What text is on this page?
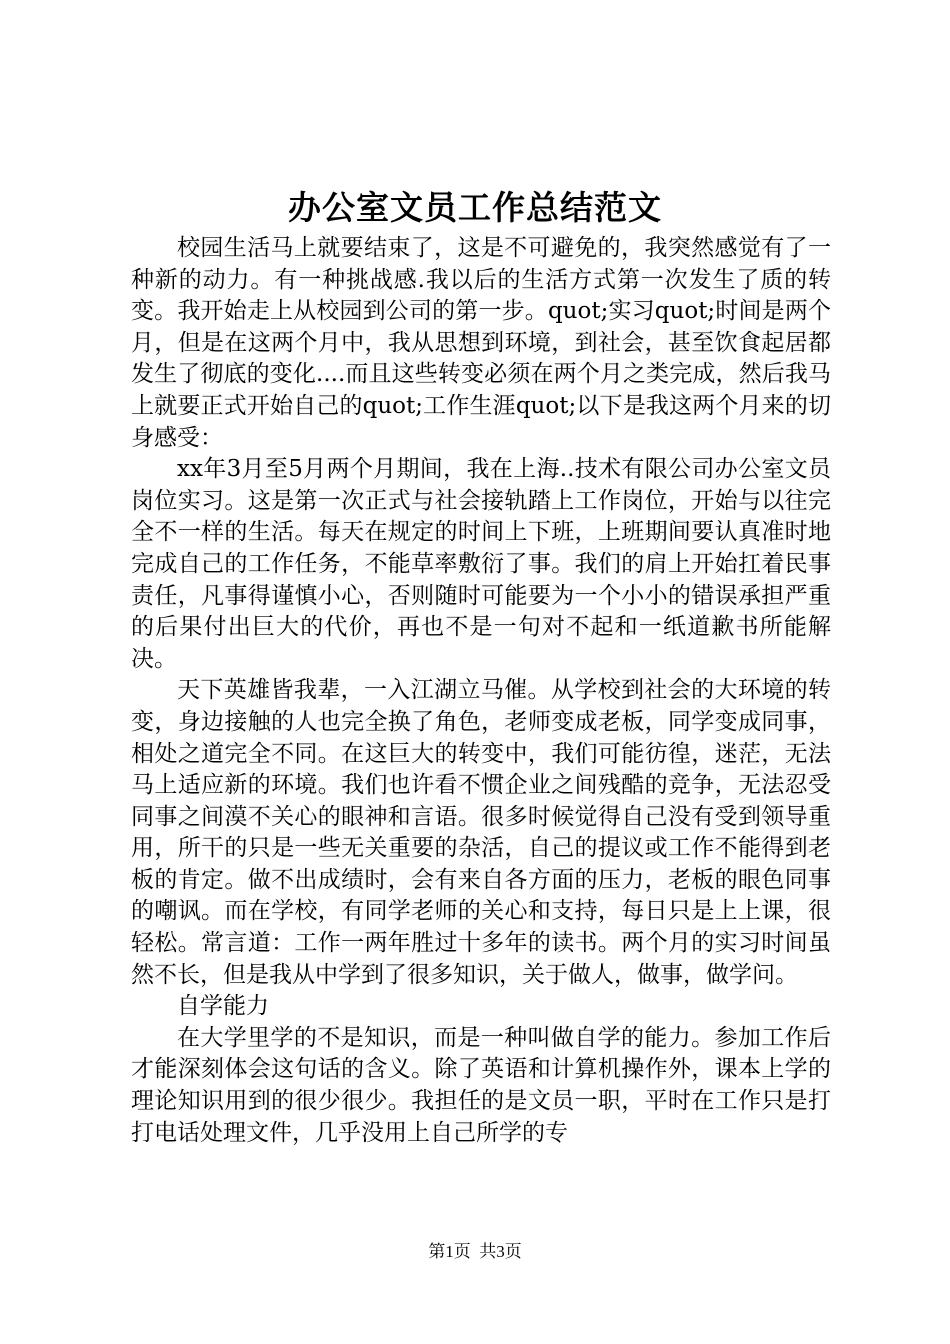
办公室文员工作总结范文

校园生活马上就要结束了，这是不可避免的，我突然感觉有了一种新的动力。有一种挑战感.我以后的生活方式第一次发生了质的转变。我开始走上从校园到公司的第一步。quot;实习quot;时间是两个月，但是在这两个月中，我从思想到环境，到社会，甚至饮食起居都发生了彻底的变化....而且这些转变必须在两个月之类完成，然后我马上就要正式开始自己的quot;工作生涯quot;以下是我这两个月来的切身感受：

xx年3月至5月两个月期间，我在上海..技术有限公司办公室文员岗位实习。这是第一次正式与社会接轨踏上工作岗位，开始与以往完全不一样的生活。每天在规定的时间上下班，上班期间要认真准时地完成自己的工作任务，不能草率敷衍了事。我们的肩上开始扛着民事责任，凡事得谨慎小心，否则随时可能要为一个小小的错误承担严重的后果付出巨大的代价，再也不是一句对不起和一纸道歉书所能解决。

天下英雄皆我辈，一入江湖立马催。从学校到社会的大环境的转变，身边接触的人也完全换了角色，老师变成老板，同学变成同事，相处之道完全不同。在这巨大的转变中，我们可能彷徨，迷茫，无法马上适应新的环境。我们也许看不惯企业之间残酷的竞争，无法忍受同事之间漠不关心的眼神和言语。很多时候觉得自己没有受到领导重用，所干的只是一些无关重要的杂活，自己的提议或工作不能得到老板的肯定。做不出成绩时，会有来自各方面的压力，老板的眼色同事的嘲讽。而在学校，有同学老师的关心和支持，每日只是上上课，很轻松。常言道：工作一两年胜过十多年的读书。两个月的实习时间虽然不长，但是我从中学到了很多知识，关于做人，做事，做学问。

自学能力

在大学里学的不是知识，而是一种叫做自学的能力。参加工作后才能深刻体会这句话的含义。除了英语和计算机操作外，课本上学的理论知识用到的很少很少。我担任的是文员一职，平时在工作只是打打电话处理文件，几乎没用上自己所学的专

第1页  共3页
